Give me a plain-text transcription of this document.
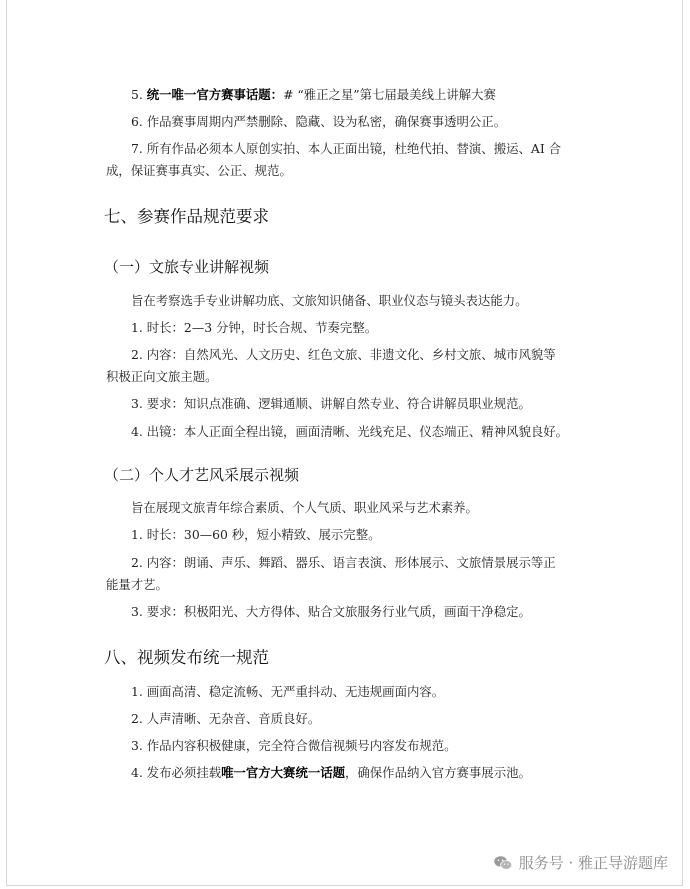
5. 统一唯一官方赛事话题：# “雅正之星”第七届最美线上讲解大赛
6. 作品赛事周期内严禁删除、隐藏、设为私密，确保赛事透明公正。
7. 所有作品必须本人原创实拍、本人正面出镜，杜绝代拍、替演、搬运、AI 合
成，保证赛事真实、公正、规范。
七、参赛作品规范要求
（一）文旅专业讲解视频
旨在考察选手专业讲解功底、文旅知识储备、职业仪态与镜头表达能力。
1. 时长：2—3 分钟，时长合规、节奏完整。
2. 内容：自然风光、人文历史、红色文旅、非遗文化、乡村文旅、城市风貌等
积极正向文旅主题。
3. 要求：知识点准确、逻辑通顺、讲解自然专业、符合讲解员职业规范。
4. 出镜：本人正面全程出镜，画面清晰、光线充足、仪态端正、精神风貌良好。
（二）个人才艺风采展示视频
旨在展现文旅青年综合素质、个人气质、职业风采与艺术素养。
1. 时长：30—60 秒，短小精致、展示完整。
2. 内容：朗诵、声乐、舞蹈、器乐、语言表演、形体展示、文旅情景展示等正
能量才艺。
3. 要求：积极阳光、大方得体、贴合文旅服务行业气质，画面干净稳定。
八、视频发布统一规范
1. 画面高清、稳定流畅、无严重抖动、无违规画面内容。
2. 人声清晰、无杂音、音质良好。
3. 作品内容积极健康，完全符合微信视频号内容发布规范。
4. 发布必须挂载唯一官方大赛统一话题，确保作品纳入官方赛事展示池。
服务号 · 雅正导游题库
